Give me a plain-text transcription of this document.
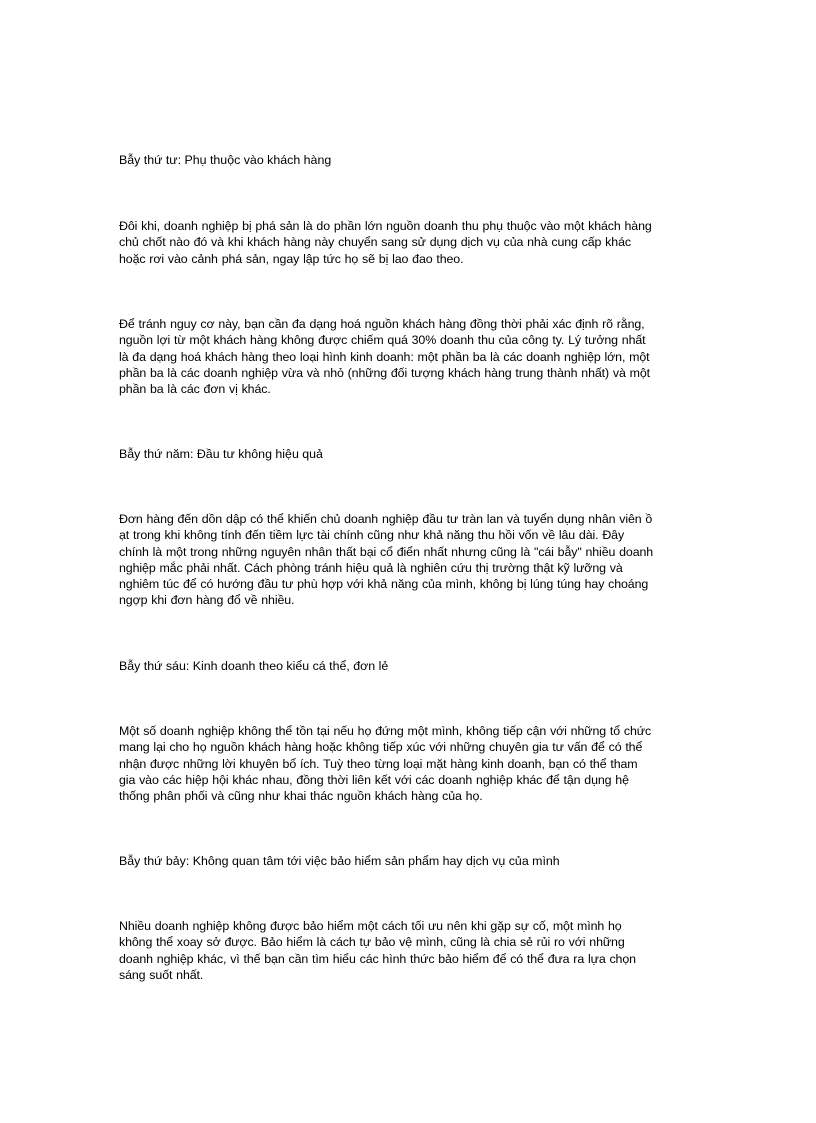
Bẫy thứ tư: Phụ thuộc vào khách hàng
Đôi khi, doanh nghiệp bị phá sản là do phần lớn nguồn doanh thu phụ thuộc vào một khách hàng
chủ chốt nào đó và khi khách hàng này chuyển sang sử dụng dịch vụ của nhà cung cấp khác
hoặc rơi vào cảnh phá sản, ngay lập tức họ sẽ bị lao đao theo.
Để tránh nguy cơ này, bạn cần đa dạng hoá nguồn khách hàng đồng thời phải xác định rõ rằng,
nguồn lợi từ một khách hàng không được chiếm quá 30% doanh thu của công ty. Lý tưởng nhất
là đa dạng hoá khách hàng theo loại hình kinh doanh: một phần ba là các doanh nghiệp lớn, một
phần ba là các doanh nghiệp vừa và nhỏ (những đối tượng khách hàng trung thành nhất) và một
phần ba là các đơn vị khác.
Bẫy thứ năm: Đầu tư không hiệu quả
Đơn hàng đến dồn dập có thể khiến chủ doanh nghiệp đầu tư tràn lan và tuyển dụng nhân viên ồ
ạt trong khi không tính đến tiềm lực tài chính cũng như khả năng thu hồi vốn về lâu dài. Đây
chính là một trong những nguyên nhân thất bại cổ điển nhất nhưng cũng là "cái bẫy" nhiều doanh
nghiệp mắc phải nhất. Cách phòng tránh hiệu quả là nghiên cứu thị trường thật kỹ lưỡng và
nghiêm túc để có hướng đầu tư phù hợp với khả năng của mình, không bị lúng túng hay choáng
ngợp khi đơn hàng đổ về nhiều.
Bẫy thứ sáu: Kinh doanh theo kiểu cá thể, đơn lẻ
Một số doanh nghiệp không thể tồn tại nếu họ đứng một mình, không tiếp cận với những tổ chức
mang lại cho họ nguồn khách hàng hoặc không tiếp xúc với những chuyên gia tư vấn để có thể
nhận được những lời khuyên bổ ích. Tuỳ theo từng loại mặt hàng kinh doanh, bạn có thể tham
gia vào các hiệp hội khác nhau, đồng thời liên kết với các doanh nghiệp khác để tận dụng hệ
thống phân phối và cũng như khai thác nguồn khách hàng của họ.
Bẫy thứ bảy: Không quan tâm tới việc bảo hiểm sản phẩm hay dịch vụ của mình
Nhiều doanh nghiệp không được bảo hiểm một cách tối ưu nên khi gặp sự cố, một mình họ
không thể xoay sở được. Bảo hiểm là cách tự bảo vệ mình, cũng là chia sẻ rủi ro với những
doanh nghiệp khác, vì thế bạn cần tìm hiểu các hình thức bảo hiểm để có thể đưa ra lựa chọn
sáng suốt nhất.
